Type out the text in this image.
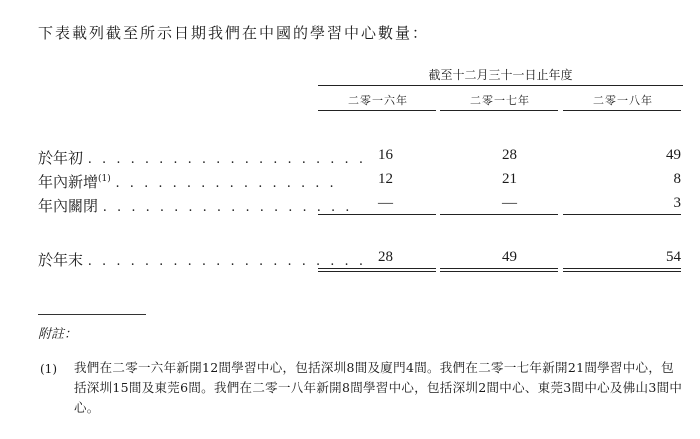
下表載列截至所示日期我們在中國的學習中心數量：
截至十二月三十一日止年度
二零一六年	二零一七年	二零一八年
於年初 . . . . . . . . . . . . . . . . . . . . 16	28	49
年內新增$^{(1)}$ . . . . . . . . . . . . . . . .	12	21	8
年內關閉 . . . . . . . . . . . . . . . . . .	—	—	3
於年末 . . . . . . . . . . . . . . . . . . . . 28	49	54
附註：
(1) 我們在二零一六年新開12間學習中心，包括深圳8間及廈門4間。我們在二零一七年新開21間學習中心，包括深圳15間及東莞6間。我們在二零一八年新開8間學習中心，包括深圳2間中心、東莞3間中心及佛山3間中心。
